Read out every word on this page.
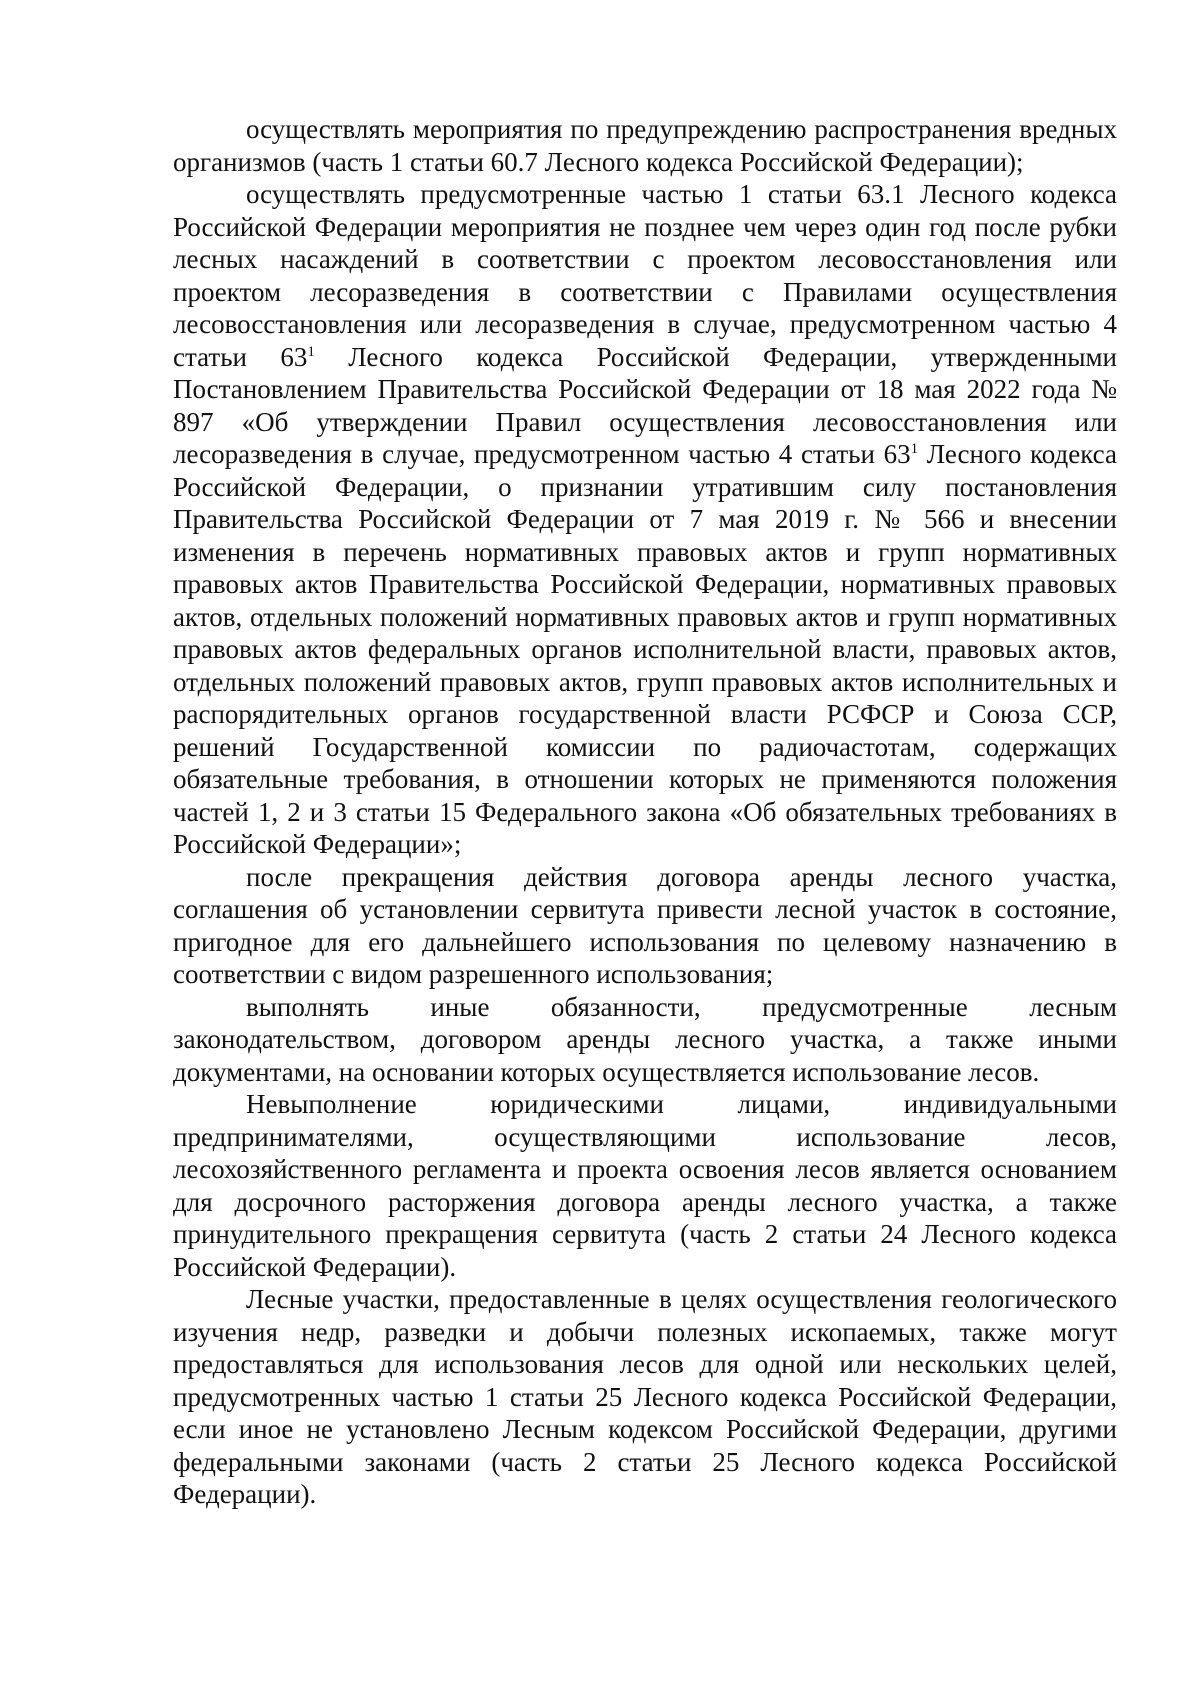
осуществлять мероприятия по предупреждению распространения вредных организмов (часть 1 статьи 60.7 Лесного кодекса Российской Федерации);

осуществлять предусмотренные частью 1 статьи 63.1 Лесного кодекса Российской Федерации мероприятия не позднее чем через один год после рубки лесных насаждений в соответствии с проектом лесовосстановления или проектом лесоразведения в соответствии с Правилами осуществления лесовосстановления или лесоразведения в случае, предусмотренном частью 4 статьи $63^1$ Лесного кодекса Российской Федерации, утвержденными Постановлением Правительства Российской Федерации от 18 мая 2022 года № 897 «Об утверждении Правил осуществления лесовосстановления или лесоразведения в случае, предусмотренном частью 4 статьи $63^1$ Лесного кодекса Российской Федерации, о признании утратившим силу постановления Правительства Российской Федерации от 7 мая 2019 г. № 566 и внесении изменения в перечень нормативных правовых актов и групп нормативных правовых актов Правительства Российской Федерации, нормативных правовых актов, отдельных положений нормативных правовых актов и групп нормативных правовых актов федеральных органов исполнительной власти, правовых актов, отдельных положений правовых актов, групп правовых актов исполнительных и распорядительных органов государственной власти РСФСР и Союза ССР, решений Государственной комиссии по радиочастотам, содержащих обязательные требования, в отношении которых не применяются положения частей 1, 2 и 3 статьи 15 Федерального закона «Об обязательных требованиях в Российской Федерации»;

после прекращения действия договора аренды лесного участка, соглашения об установлении сервитута привести лесной участок в состояние, пригодное для его дальнейшего использования по целевому назначению в соответствии с видом разрешенного использования;

выполнять иные обязанности, предусмотренные лесным законодательством, договором аренды лесного участка, а также иными документами, на основании которых осуществляется использование лесов.

Невыполнение юридическими лицами, индивидуальными предпринимателями, осуществляющими использование лесов, лесохозяйственного регламента и проекта освоения лесов является основанием для досрочного расторжения договора аренды лесного участка, а также принудительного прекращения сервитута (часть 2 статьи 24 Лесного кодекса Российской Федерации).

Лесные участки, предоставленные в целях осуществления геологического изучения недр, разведки и добычи полезных ископаемых, также могут предоставляться для использования лесов для одной или нескольких целей, предусмотренных частью 1 статьи 25 Лесного кодекса Российской Федерации, если иное не установлено Лесным кодексом Российской Федерации, другими федеральными законами (часть 2 статьи 25 Лесного кодекса Российской Федерации).
